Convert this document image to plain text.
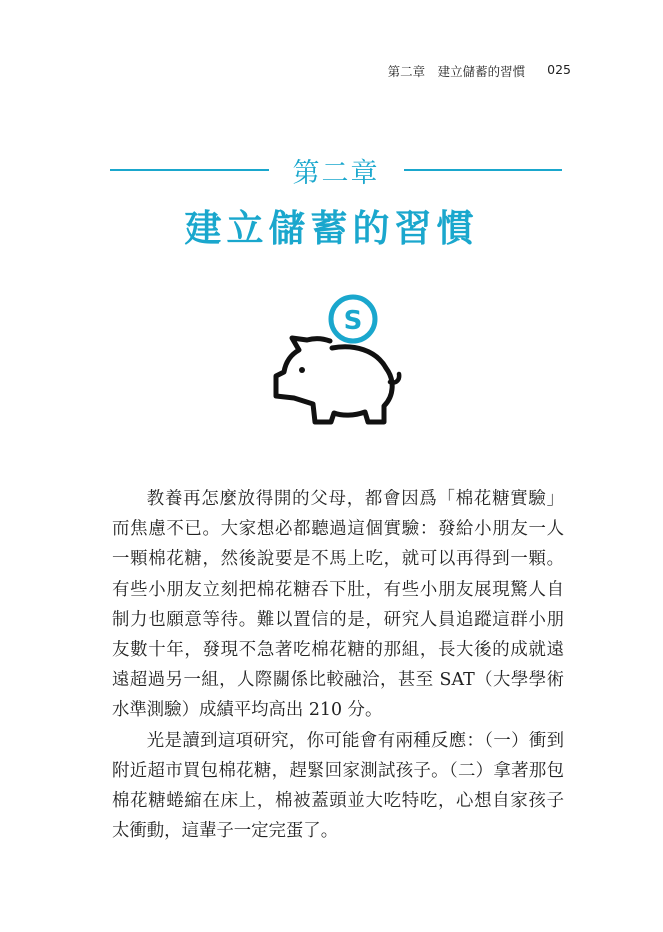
第二章　建立儲蓄的習慣 025
第二章
建立儲蓄的習慣
S

教養再怎麼放得開的父母，都會因爲「棉花糖實驗」而焦慮不已。大家想必都聽過這個實驗：發給小朋友一人一顆棉花糖，然後說要是不馬上吃，就可以再得到一顆。有些小朋友立刻把棉花糖吞下肚，有些小朋友展現驚人自制力也願意等待。難以置信的是，研究人員追蹤這群小朋友數十年，發現不急著吃棉花糖的那組，長大後的成就遠遠超過另一組，人際關係比較融洽，甚至 SAT（大學學術水準測驗）成績平均高出 210 分。

光是讀到這項研究，你可能會有兩種反應：（一）衝到附近超市買包棉花糖，趕緊回家測試孩子。（二）拿著那包棉花糖蜷縮在床上，棉被蓋頭並大吃特吃，心想自家孩子太衝動，這輩子一定完蛋了。
